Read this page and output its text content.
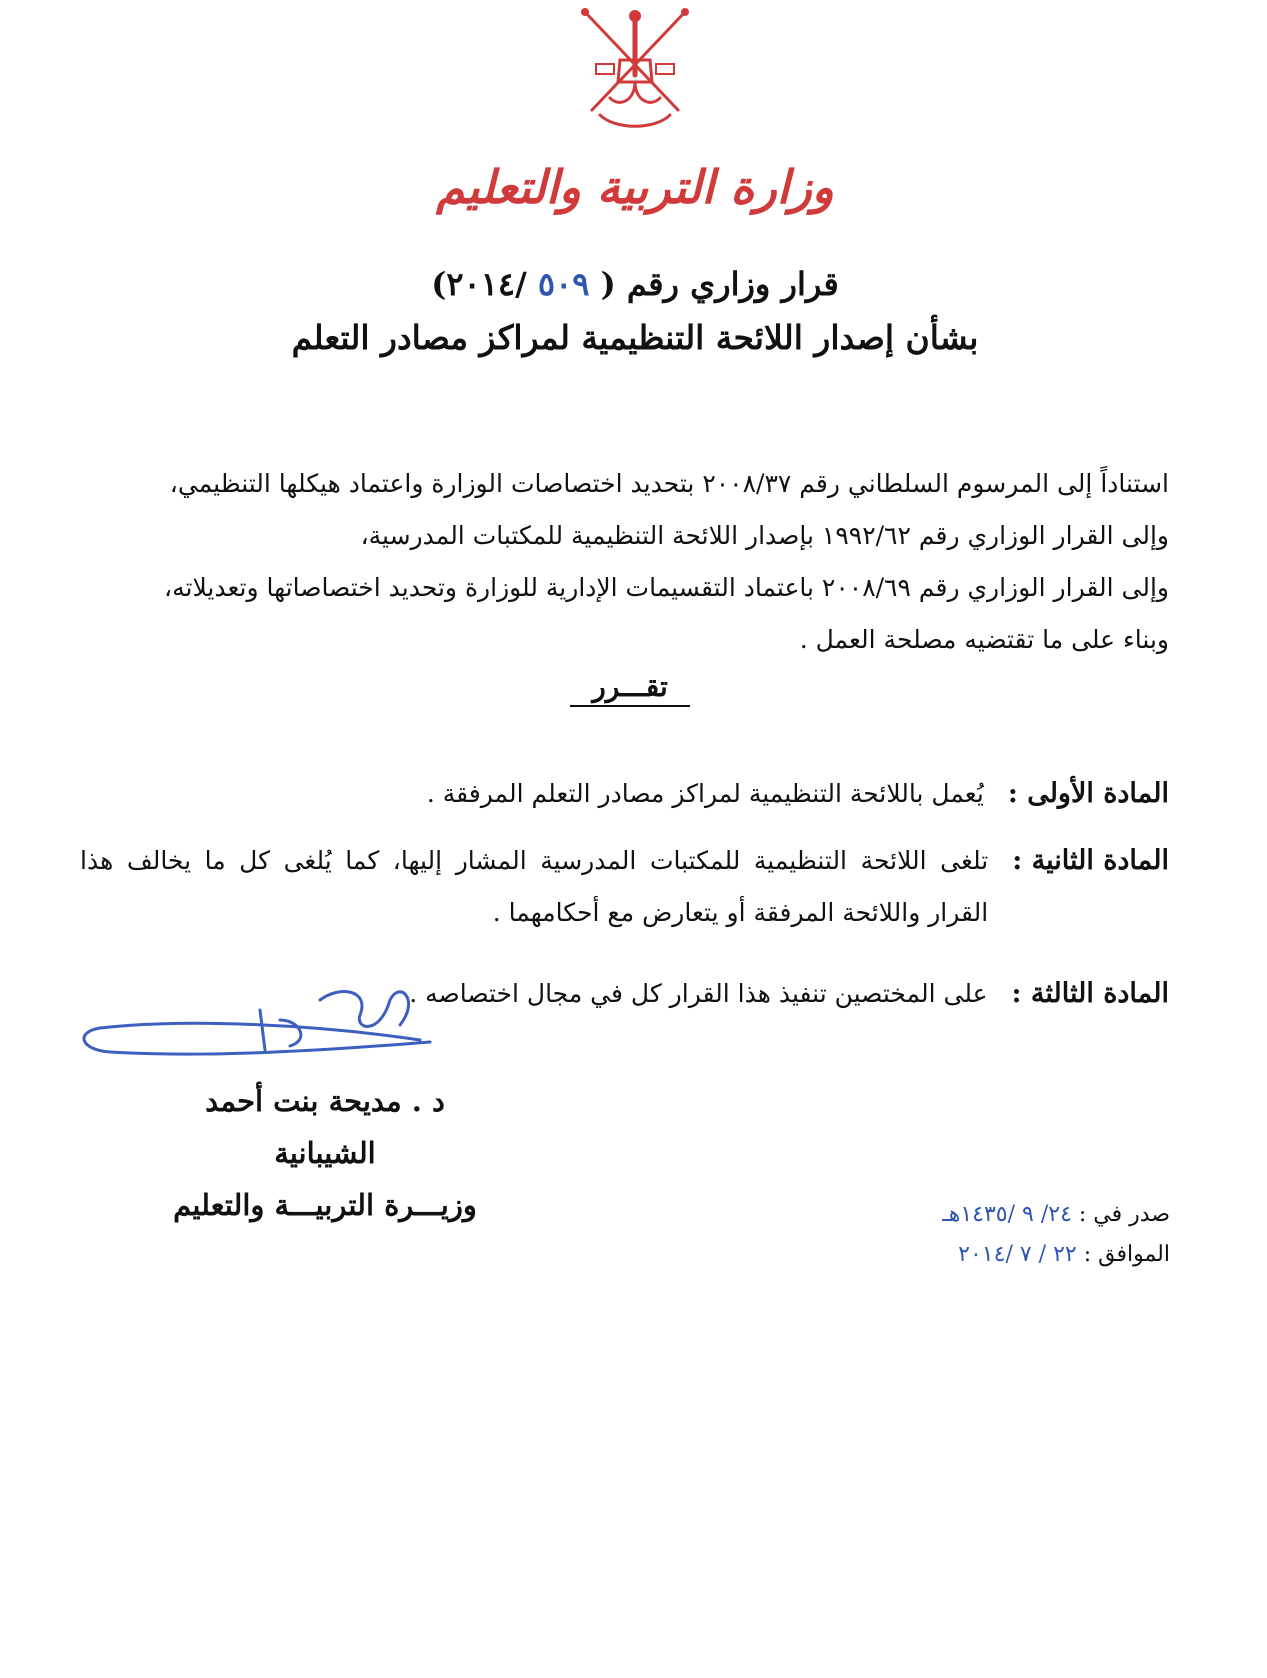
وزارة التربية والتعليم
قرار وزاري رقم ( ٥٠٩ /٢٠١٤)
بشأن إصدار اللائحة التنظيمية لمراكز مصادر التعلم

استناداً إلى المرسوم السلطاني رقم ٢٠٠٨/٣٧ بتحديد اختصاصات الوزارة واعتماد هيكلها التنظيمي،

وإلى القرار الوزاري رقم ١٩٩٢/٦٢ بإصدار اللائحة التنظيمية للمكتبات المدرسية،

وإلى القرار الوزاري رقم ٢٠٠٨/٦٩ باعتماد التقسيمات الإدارية للوزارة وتحديد اختصاصاتها وتعديلاته،

وبناء على ما تقتضيه مصلحة العمل .

تقـــرر
المادة الأولى :
يُعمل باللائحة التنظيمية لمراكز مصادر التعلم المرفقة .
المادة الثانية :
تلغى اللائحة التنظيمية للمكتبات المدرسية المشار إليها، كما يُلغى كل ما يخالف هذا القرار واللائحة المرفقة أو يتعارض مع أحكامهما .
المادة الثالثة :
على المختصين تنفيذ هذا القرار كل في مجال اختصاصه .
د . مديحة بنت أحمد الشيبانية
وزيـــرة التربيـــة والتعليم	صدر في : ٢٤/ ٩ /١٤٣٥هـ
الموافق : ٢٢ / ٧ /٢٠١٤
